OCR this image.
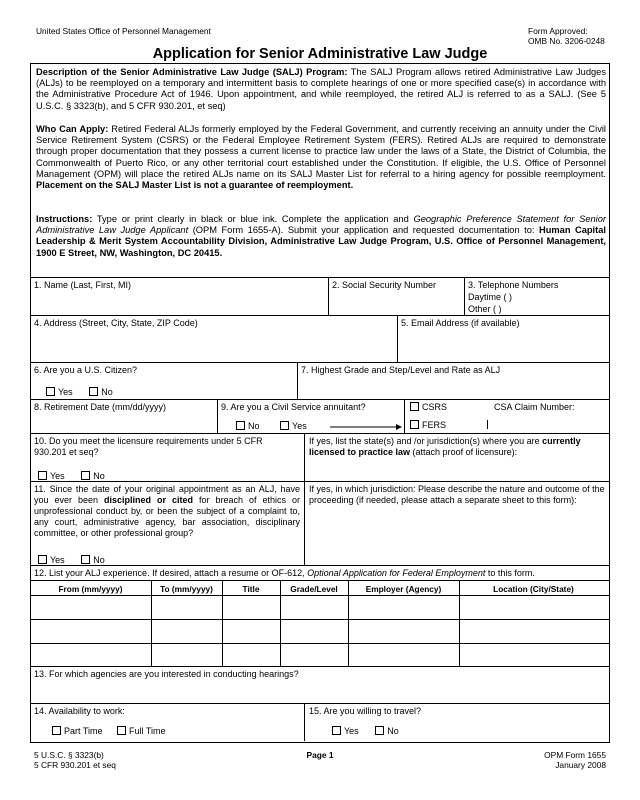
United States Office of Personnel Management	Form Approved:
OMB No. 3206-0248
Application for Senior Administrative Law Judge
Description of the Senior Administrative Law Judge (SALJ) Program: The SALJ Program allows retired Administrative Law Judges (ALJs) to be reemployed on a temporary and intermittent basis to complete hearings of one or more specified case(s) in accordance with the Administrative Procedure Act of 1946. Upon appointment, and while reemployed, the retired ALJ is referred to as a SALJ. (See 5 U.S.C. § 3323(b), and 5 CFR 930.201, et seq)
Who Can Apply: Retired Federal ALJs formerly employed by the Federal Government, and currently receiving an annuity under the Civil Service Retirement System (CSRS) or the Federal Employee Retirement System (FERS). Retired ALJs are required to demonstrate through proper documentation that they possess a current license to practice law under the laws of a State, the District of Columbia, the Commonwealth of Puerto Rico, or any other territorial court established under the Constitution. If eligible, the U.S. Office of Personnel Management (OPM) will place the retired ALJs name on its SALJ Master List for referral to a hiring agency for possible reemployment. Placement on the SALJ Master List is not a guarantee of reemployment.
Instructions: Type or print clearly in black or blue ink. Complete the application and Geographic Preference Statement for Senior Administrative Law Judge Applicant (OPM Form 1655-A). Submit your application and requested documentation to: Human Capital Leadership & Merit System Accountability Division, Administrative Law Judge Program, U.S. Office of Personnel Management, 1900 E Street, NW, Washington, DC 20415.
1. Name (Last, First, MI)	2. Social Security Number	3. Telephone Numbers
Daytime ( )
Other ( )
4. Address (Street, City, State, ZIP Code)	5. Email Address (if available)
6. Are you a U.S. Citizen?
Yes	No
7. Highest Grade and Step/Level and Rate as ALJ
8. Retirement Date (mm/dd/yyyy)	9. Are you a Civil Service annuitant?
No	Yes
CSRS
FERS
CSA Claim Number:
10. Do you meet the licensure requirements under 5 CFR 930.201 et seq?
Yes	No
If yes, list the state(s) and /or jurisdiction(s) where you are currently licensed to practice law (attach proof of licensure):
11. Since the date of your original appointment as an ALJ, have you ever been disciplined or cited for breach of ethics or unprofessional conduct by, or been the subject of a complaint to, any court, administrative agency, bar association, disciplinary committee, or other professional group?
Yes	No
If yes, in which jurisdiction: Please describe the nature and outcome of the proceeding (if needed, please attach a separate sheet to this form):
12. List your ALJ experience. If desired, attach a resume or OF-612, Optional Application for Federal Employment to this form.
From (mm/yyyy)	To (mm/yyyy)	Title	Grade/Level	Employer (Agency)	Location (City/State)
13. For which agencies are you interested in conducting hearings?
14. Availability to work:
Part Time	Full Time
15. Are you willing to travel?
Yes	No
5 U.S.C. § 3323(b)
5 CFR 930.201 et seq
Page 1	OPM Form 1655
January 2008
